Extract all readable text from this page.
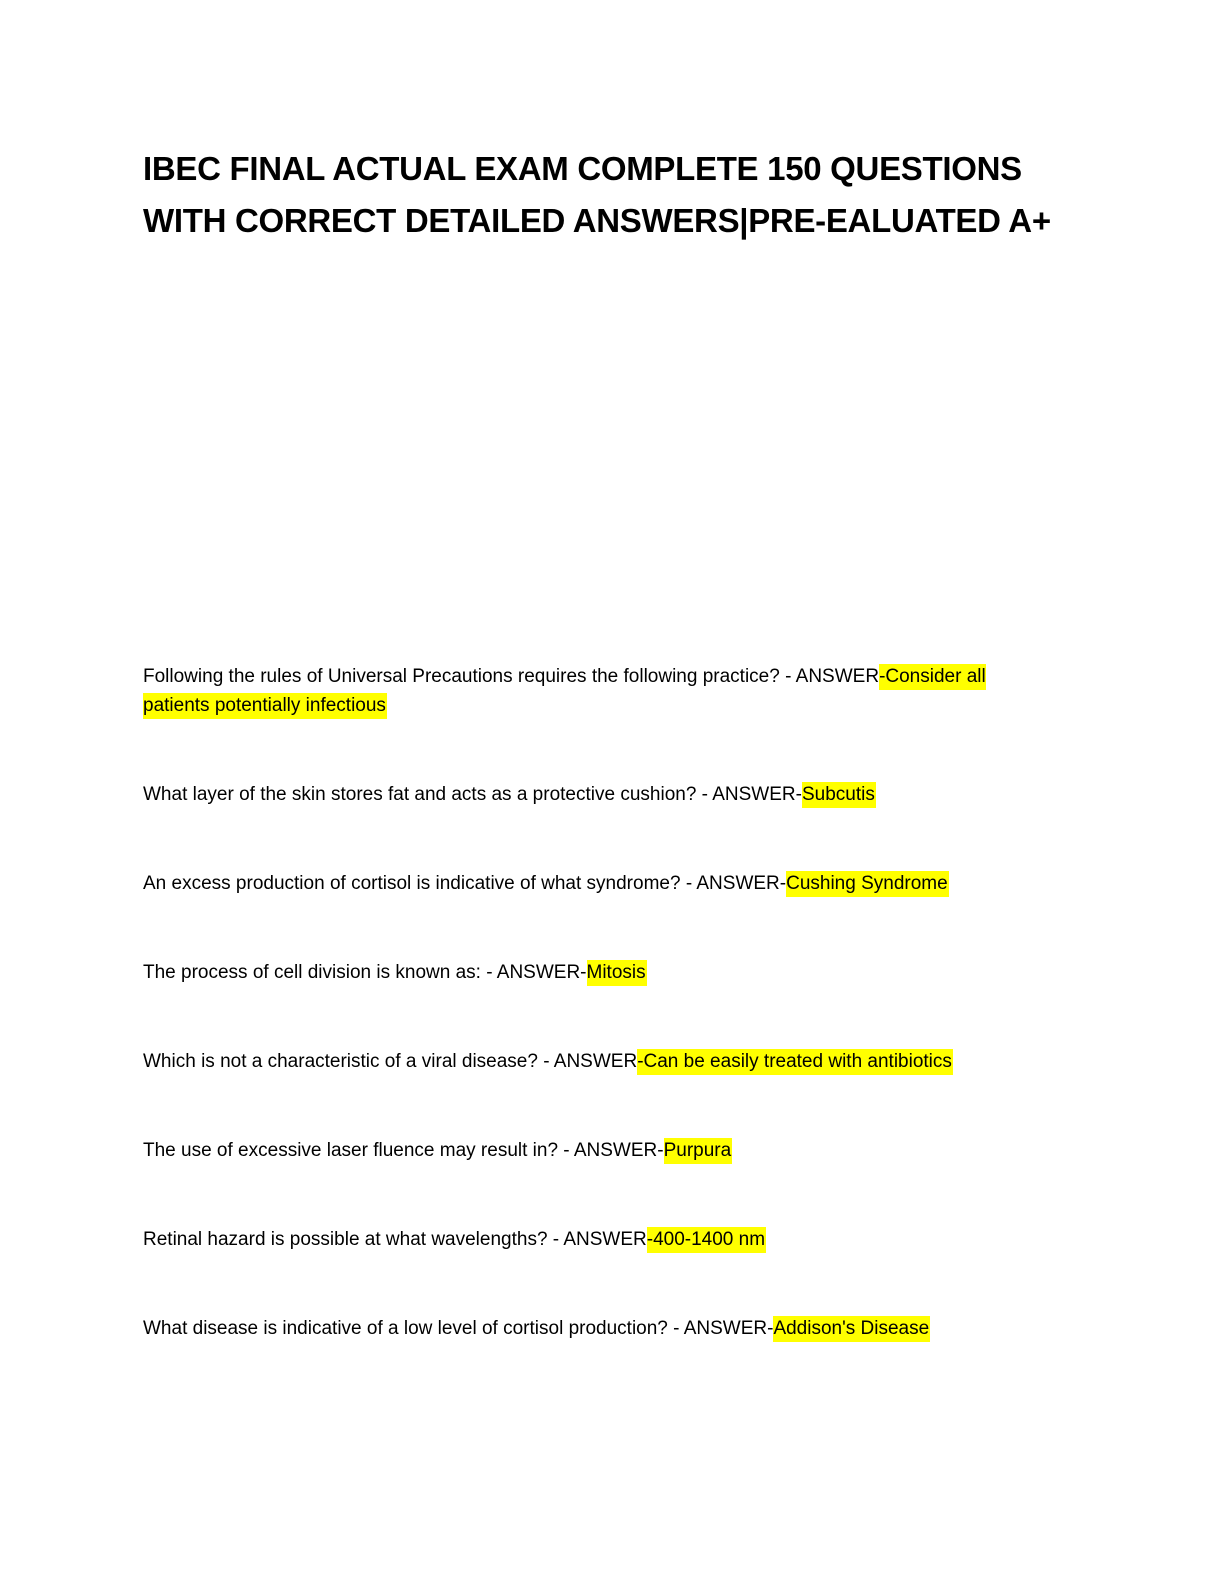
IBEC FINAL ACTUAL EXAM COMPLETE 150 QUESTIONS
WITH CORRECT DETAILED ANSWERS|PRE-EALUATED A+

Following the rules of Universal Precautions requires the following practice? - ANSWER-Consider all patients potentially infectious

What layer of the skin stores fat and acts as a protective cushion? - ANSWER-Subcutis

An excess production of cortisol is indicative of what syndrome? - ANSWER-Cushing Syndrome

The process of cell division is known as: - ANSWER-Mitosis

Which is not a characteristic of a viral disease? - ANSWER-Can be easily treated with antibiotics

The use of excessive laser fluence may result in? - ANSWER-Purpura

Retinal hazard is possible at what wavelengths? - ANSWER-400-1400 nm

What disease is indicative of a low level of cortisol production? - ANSWER-Addison's Disease
